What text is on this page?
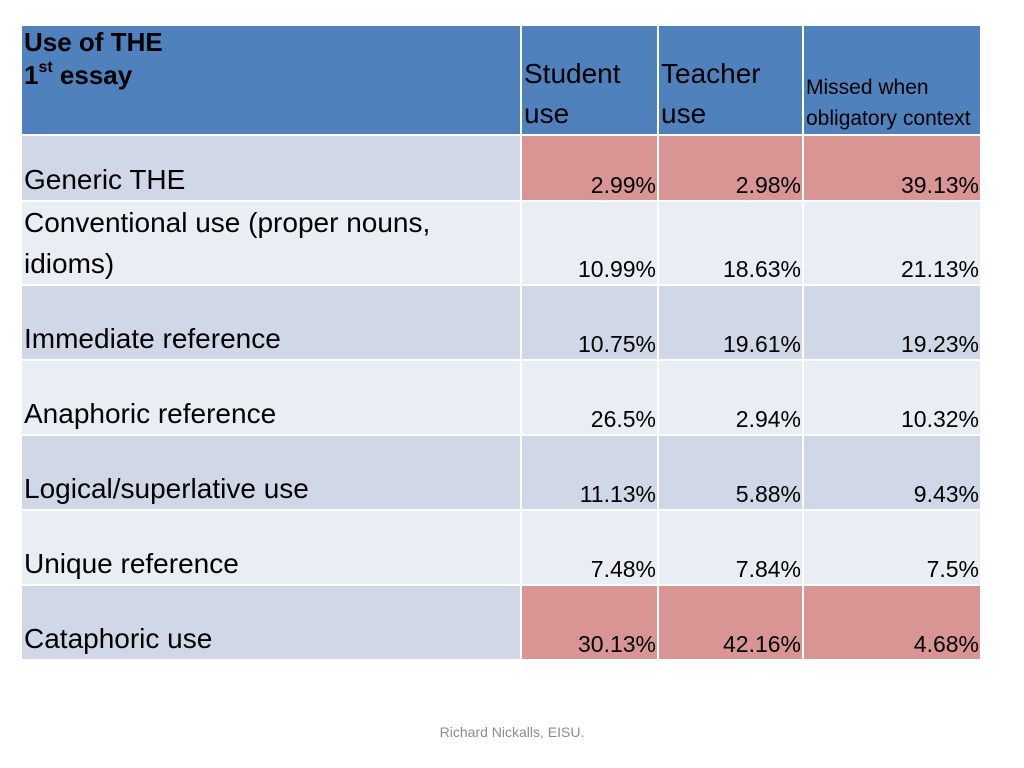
Use of THE
1st essay	Student use	Teacher use	Missed when obligatory context
Generic THE	2.99%	2.98%	39.13%
Conventional use (proper nouns, idioms)	10.99%	18.63%	21.13%
Immediate reference	10.75%	19.61%	19.23%
Anaphoric reference	26.5%	2.94%	10.32%
Logical/superlative use	11.13%	5.88%	9.43%
Unique reference	7.48%	7.84%	7.5%
Cataphoric use	30.13%	42.16%	4.68%
Richard Nickalls, EISU.
